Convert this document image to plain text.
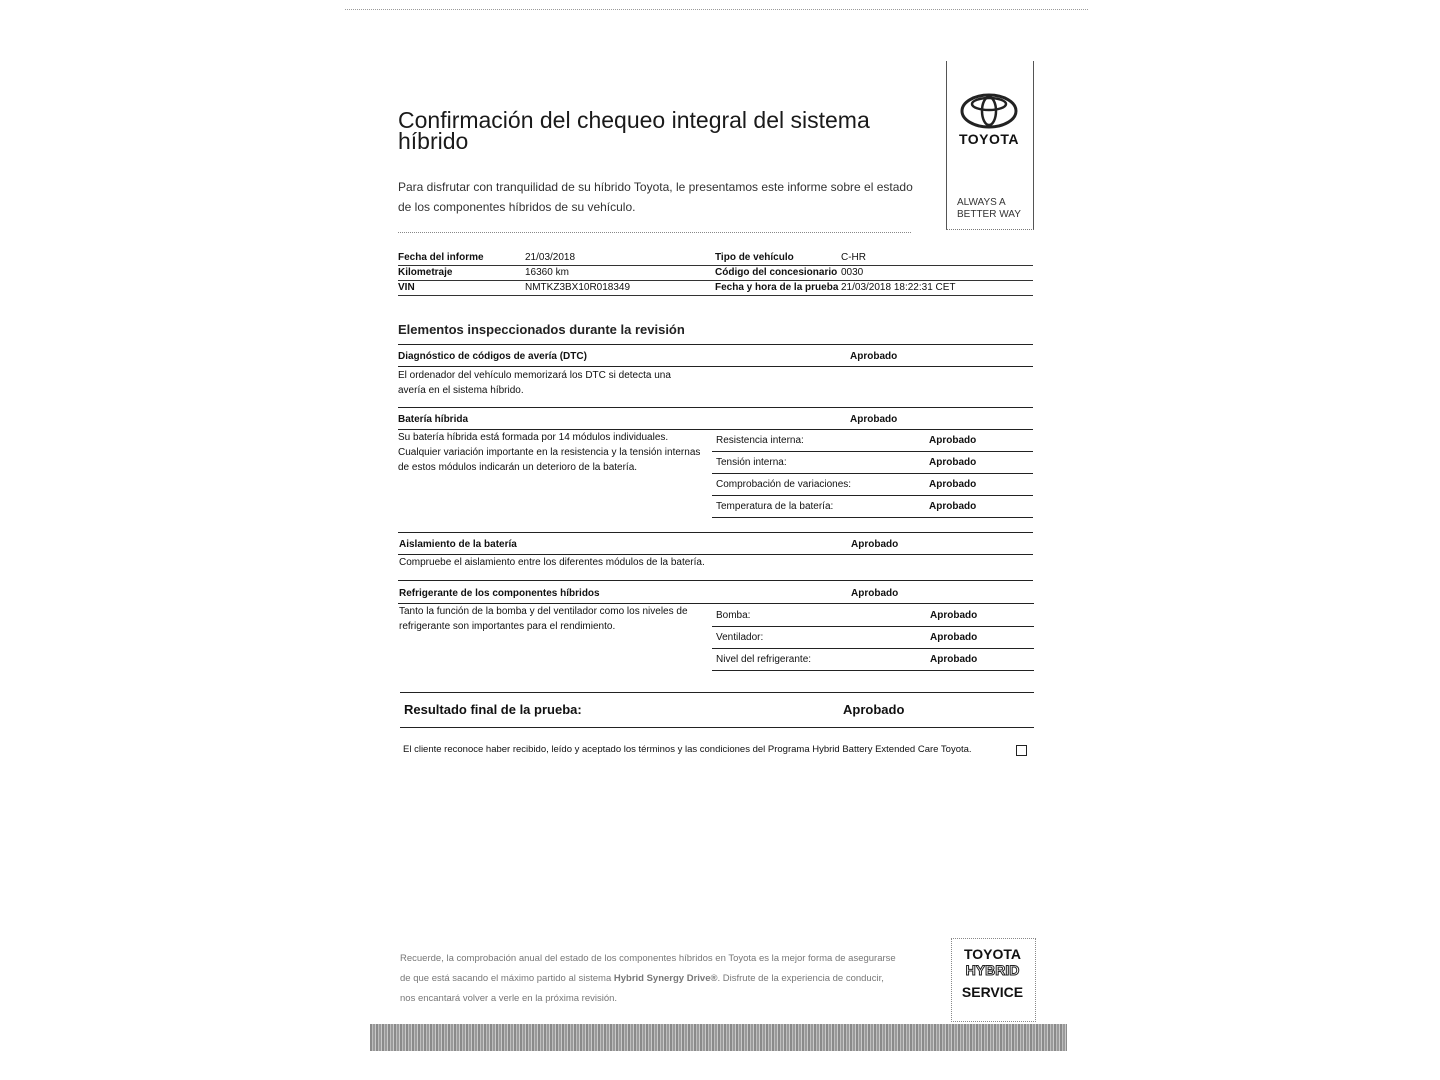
Confirmación del chequeo integral del sistema híbrido
Para disfrutar con tranquilidad de su híbrido Toyota, le presentamos este informe sobre el estado de los componentes híbridos de su vehículo.
TOYOTA
ALWAYS A
BETTER WAY
Fecha del informe	21/03/2018	Tipo de vehículo	C-HR
Kilometraje	16360 km	Código del concesionario 0030
VIN	NMTKZ3BX10R018349	Fecha y hora de la prueba 21/03/2018 18:22:31 CET
Elementos inspeccionados durante la revisión
Diagnóstico de códigos de avería (DTC)	Aprobado
El ordenador del vehículo memorizará los DTC si detecta una
avería en el sistema híbrido.
Batería híbrida	Aprobado
Su batería híbrida está formada por 14 módulos individuales.
Cualquier variación importante en la resistencia y la tensión internas
de estos módulos indicarán un deterioro de la batería.
Resistencia interna:	Aprobado
Tensión interna:	Aprobado
Comprobación de variaciones:	Aprobado
Temperatura de la batería:	Aprobado
Aislamiento de la batería	Aprobado
Compruebe el aislamiento entre los diferentes módulos de la batería.
Refrigerante de los componentes híbridos	Aprobado
Tanto la función de la bomba y del ventilador como los niveles de
refrigerante son importantes para el rendimiento.
Bomba:	Aprobado
Ventilador:	Aprobado
Nivel del refrigerante:	Aprobado
Resultado final de la prueba:	Aprobado
El cliente reconoce haber recibido, leído y aceptado los términos y las condiciones del Programa Hybrid Battery Extended Care Toyota.
Recuerde, la comprobación anual del estado de los componentes híbridos en Toyota es la mejor forma de asegurarse
de que está sacando el máximo partido al sistema Hybrid Synergy Drive®. Disfrute de la experiencia de conducir,
nos encantará volver a verle en la próxima revisión.
TOYOTA
HYBRID
SERVICE
